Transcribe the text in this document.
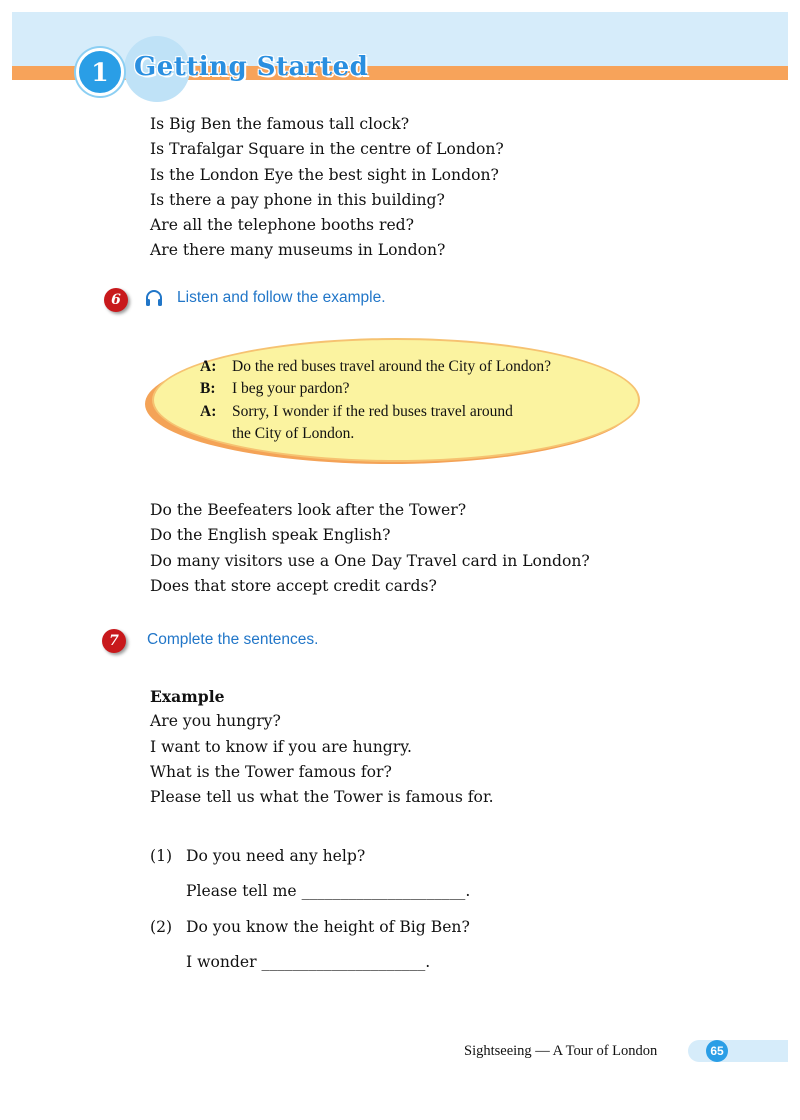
1 Getting Started
Is Big Ben the famous tall clock?
Is Trafalgar Square in the centre of London?
Is the London Eye the best sight in London?
Is there a pay phone in this building?
Are all the telephone booths red?
Are there many museums in London?
6	Listen and follow the example.
A:	Do the red buses travel around the City of London?
B:	I beg your pardon?
A:	Sorry, I wonder if the red buses travel around
the City of London.
Do the Beefeaters look after the Tower?
Do the English speak English?
Do many visitors use a One Day Travel card in London?
Does that store accept credit cards?
7	Complete the sentences.
Example
Are you hungry?
I want to know if you are hungry.
What is the Tower famous for?
Please tell us what the Tower is famous for.
(1) Do you need any help?
Please tell me _____________________.
(2) Do you know the height of Big Ben?
I wonder _____________________.
Sightseeing — A Tour of London	65
